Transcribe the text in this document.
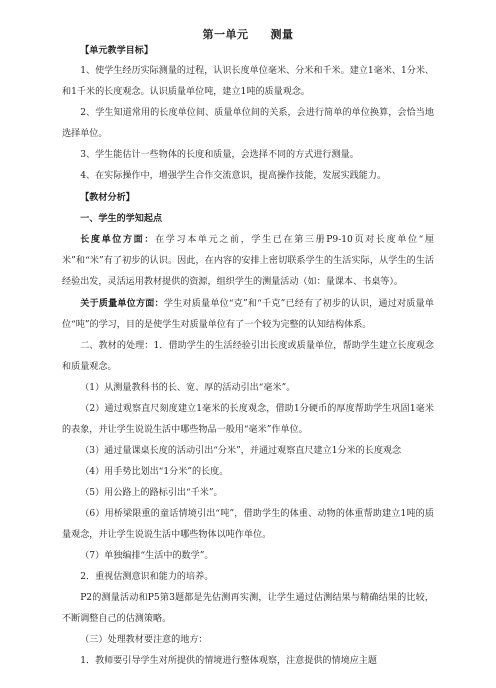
第一单元 测量

【单元教学目标】

1、使学生经历实际测量的过程，认识长度单位毫米、分米和千米。建立1毫米、1分米、和1千米的长度观念。认识质量单位吨，建立1吨的质量观念。

2、学生知道常用的长度单位间、质量单位间的关系，会进行简单的单位换算，会恰当地选择单位。

3、学生能估计一些物体的长度和质量，会选择不同的方式进行测量。

4、在实际操作中，增强学生合作交流意识，提高操作技能，发展实践能力。

【教材分析】

一、学生的学知起点

长度单位方面：在学习本单元之前，学生已在第三册P9-10页对长度单位“厘米”和“米”有了初步的认识。因此，在内容的安排上密切联系学生的生活实际，从学生的生活经验出发，灵活运用教材提供的资源，组织学生的测量活动（如：量课本、书桌等）。

关于质量单位方面：学生对质量单位“克”和“千克”已经有了初步的认识，通过对质量单位“吨”的学习，目的是使学生对质量单位有了一个较为完整的认知结构体系。

二、教材的处理：1．借助学生的生活经验引出长度或质量单位，帮助学生建立长度观念和质量观念。

（1）从测量教科书的长、宽、厚的活动引出“毫米”。

（2）通过观察直尺刻度建立1毫米的长度观念，借助1分硬币的厚度帮助学生巩固1毫米的表象，并让学生说说生活中哪些物品一般用“毫米”作单位。

（3）通过量课桌长度的活动引出“分米”，并通过观察直尺建立1分米的长度观念

（4）用手势比划出“1分米”的长度。

（5）用公路上的路标引出“千米”。

（6）用桥梁限重的童话情境引出“吨”，借助学生的体重、动物的体重帮助建立1吨的质量观念，并让学生说说生活中哪些物体以吨作单位。

（7）单独编排“生活中的数学”。

2．重视估测意识和能力的培养。

P2的测量活动和P5第3题都是先估测再实测，让学生通过估测结果与精确结果的比较，不断调整自己的估测策略。

（三）处理教材要注意的地方：

1．教师要引导学生对所提供的情境进行整体观察，注意提供的情境应主题
